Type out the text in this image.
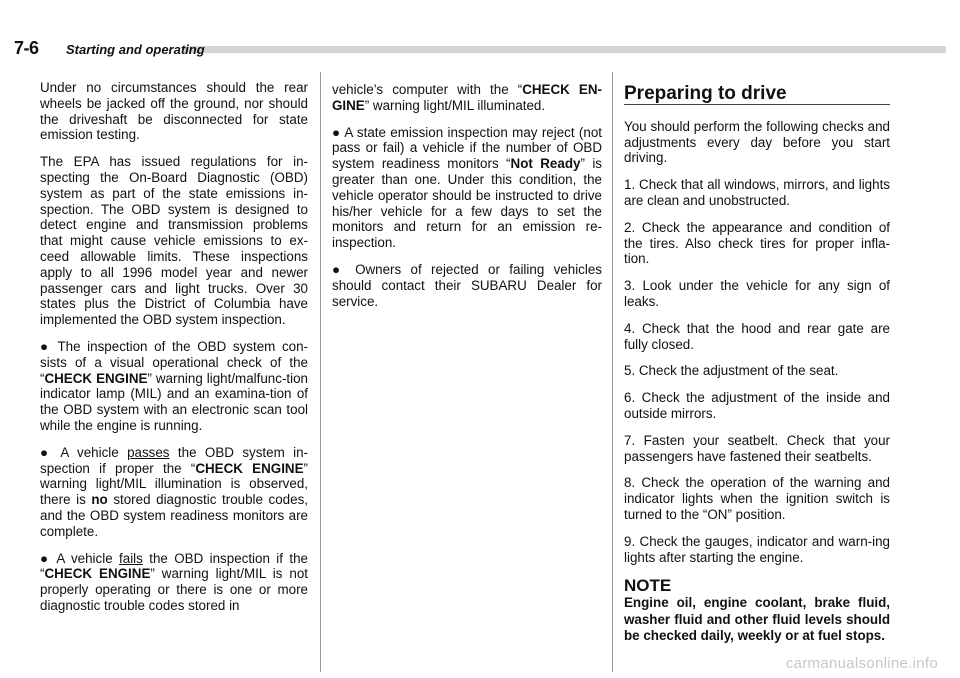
7-6 Starting and operating

Under no circumstances should the rear wheels be jacked off the ground, nor should the driveshaft be disconnected for state emission testing.

The EPA has issued regulations for in-specting the On-Board Diagnostic (OBD) system as part of the state emissions in-spection. The OBD system is designed to detect engine and transmission problems that might cause vehicle emissions to ex-ceed allowable limits. These inspections apply to all 1996 model year and newer passenger cars and light trucks. Over 30 states plus the District of Columbia have implemented the OBD system inspection.

● The inspection of the OBD system con-sists of a visual operational check of the “CHECK ENGINE” warning light/malfunc-tion indicator lamp (MIL) and an examina-tion of the OBD system with an electronic scan tool while the engine is running.

● A vehicle passes the OBD system in-spection if proper the “CHECK ENGINE” warning light/MIL illumination is observed, there is no stored diagnostic trouble codes, and the OBD system readiness monitors are complete.

● A vehicle fails the OBD inspection if the “CHECK ENGINE” warning light/MIL is not properly operating or there is one or more diagnostic trouble codes stored in

vehicle’s computer with the “CHECK EN-GINE” warning light/MIL illuminated.

● A state emission inspection may reject (not pass or fail) a vehicle if the number of OBD system readiness monitors “Not Ready” is greater than one. Under this condition, the vehicle operator should be instructed to drive his/her vehicle for a few days to set the monitors and return for an emission re-inspection.

● Owners of rejected or failing vehicles should contact their SUBARU Dealer for service.

Preparing to drive

You should perform the following checks and adjustments every day before you start driving.

1. Check that all windows, mirrors, and lights are clean and unobstructed.

2. Check the appearance and condition of the tires. Also check tires for proper infla-tion.

3. Look under the vehicle for any sign of leaks.

4. Check that the hood and rear gate are fully closed.

5. Check the adjustment of the seat.

6. Check the adjustment of the inside and outside mirrors.

7. Fasten your seatbelt. Check that your passengers have fastened their seatbelts.

8. Check the operation of the warning and indicator lights when the ignition switch is turned to the “ON” position.

9. Check the gauges, indicator and warn-ing lights after starting the engine.

NOTE
Engine oil, engine coolant, brake fluid, washer fluid and other fluid levels should be checked daily, weekly or at fuel stops.
carmanualsonline.info
